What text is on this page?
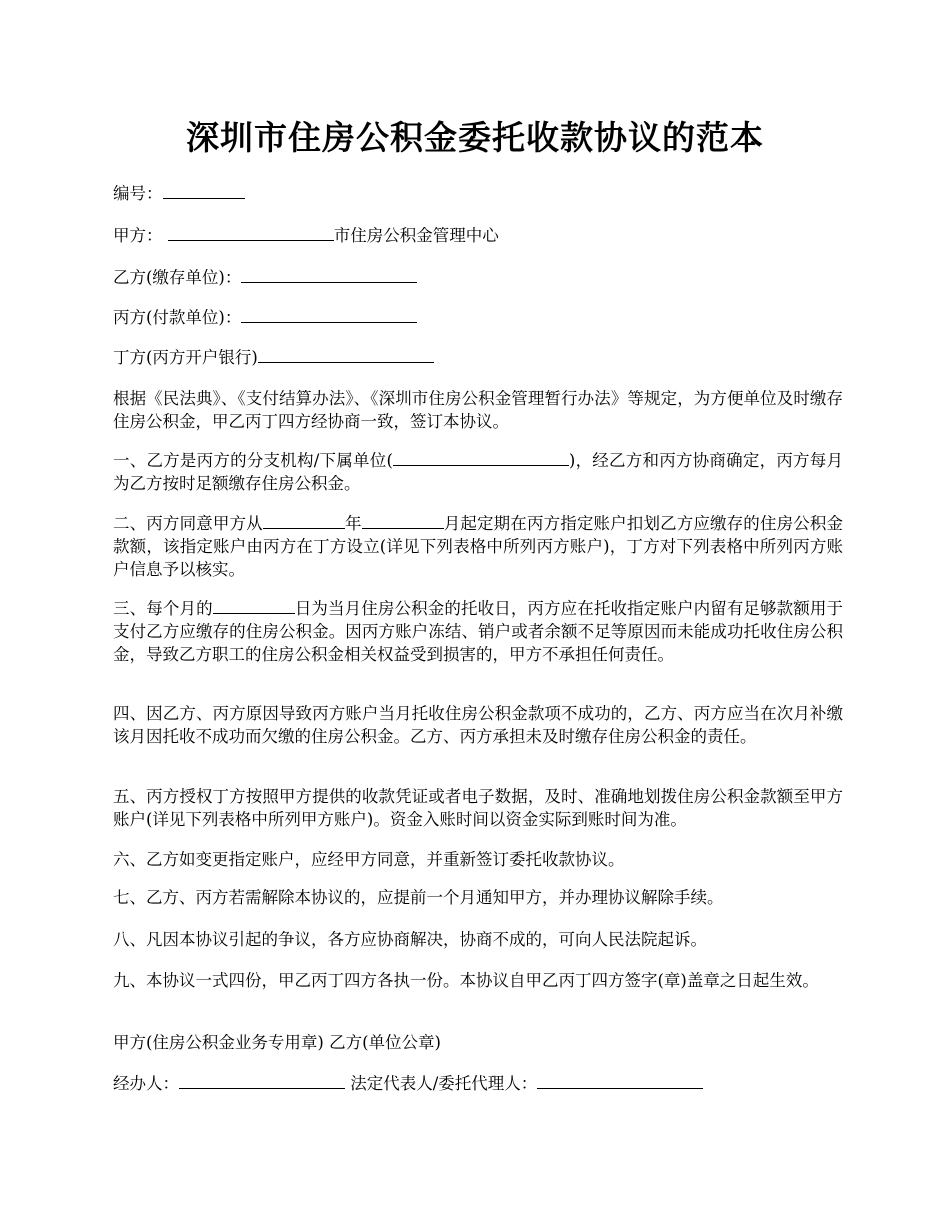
深圳市住房公积金委托收款协议的范本
编号：
甲方：	市住房公积金管理中心
乙方(缴存单位)：
丙方(付款单位)：
丁方(丙方开户银行)
根据《民法典》、《支付结算办法》、《深圳市住房公积金管理暂行办法》等规定，为方便单位及时缴存住房公积金，甲乙丙丁四方经协商一致，签订本协议。
一、乙方是丙方的分支机构/下属单位(	)，经乙方和丙方协商确定，丙方每月为乙方按时足额缴存住房公积金。
二、丙方同意甲方从	年	月起定期在丙方指定账户扣划乙方应缴存的住房公积金款额，该指定账户由丙方在丁方设立(详见下列表格中所列丙方账户)，丁方对下列表格中所列丙方账户信息予以核实。
三、每个月的	日为当月住房公积金的托收日，丙方应在托收指定账户内留有足够款额用于支付乙方应缴存的住房公积金。因丙方账户冻结、销户或者余额不足等原因而未能成功托收住房公积金，导致乙方职工的住房公积金相关权益受到损害的，甲方不承担任何责任。
四、因乙方、丙方原因导致丙方账户当月托收住房公积金款项不成功的，乙方、丙方应当在次月补缴该月因托收不成功而欠缴的住房公积金。乙方、丙方承担未及时缴存住房公积金的责任。
五、丙方授权丁方按照甲方提供的收款凭证或者电子数据，及时、准确地划拨住房公积金款额至甲方账户(详见下列表格中所列甲方账户)。资金入账时间以资金实际到账时间为准。
六、乙方如变更指定账户，应经甲方同意，并重新签订委托收款协议。
七、乙方、丙方若需解除本协议的，应提前一个月通知甲方，并办理协议解除手续。
八、凡因本协议引起的争议，各方应协商解决，协商不成的，可向人民法院起诉。
九、本协议一式四份，甲乙丙丁四方各执一份。本协议自甲乙丙丁四方签字(章)盖章之日起生效。
甲方(住房公积金业务专用章) 乙方(单位公章)
经办人：	法定代表人/委托代理人：
